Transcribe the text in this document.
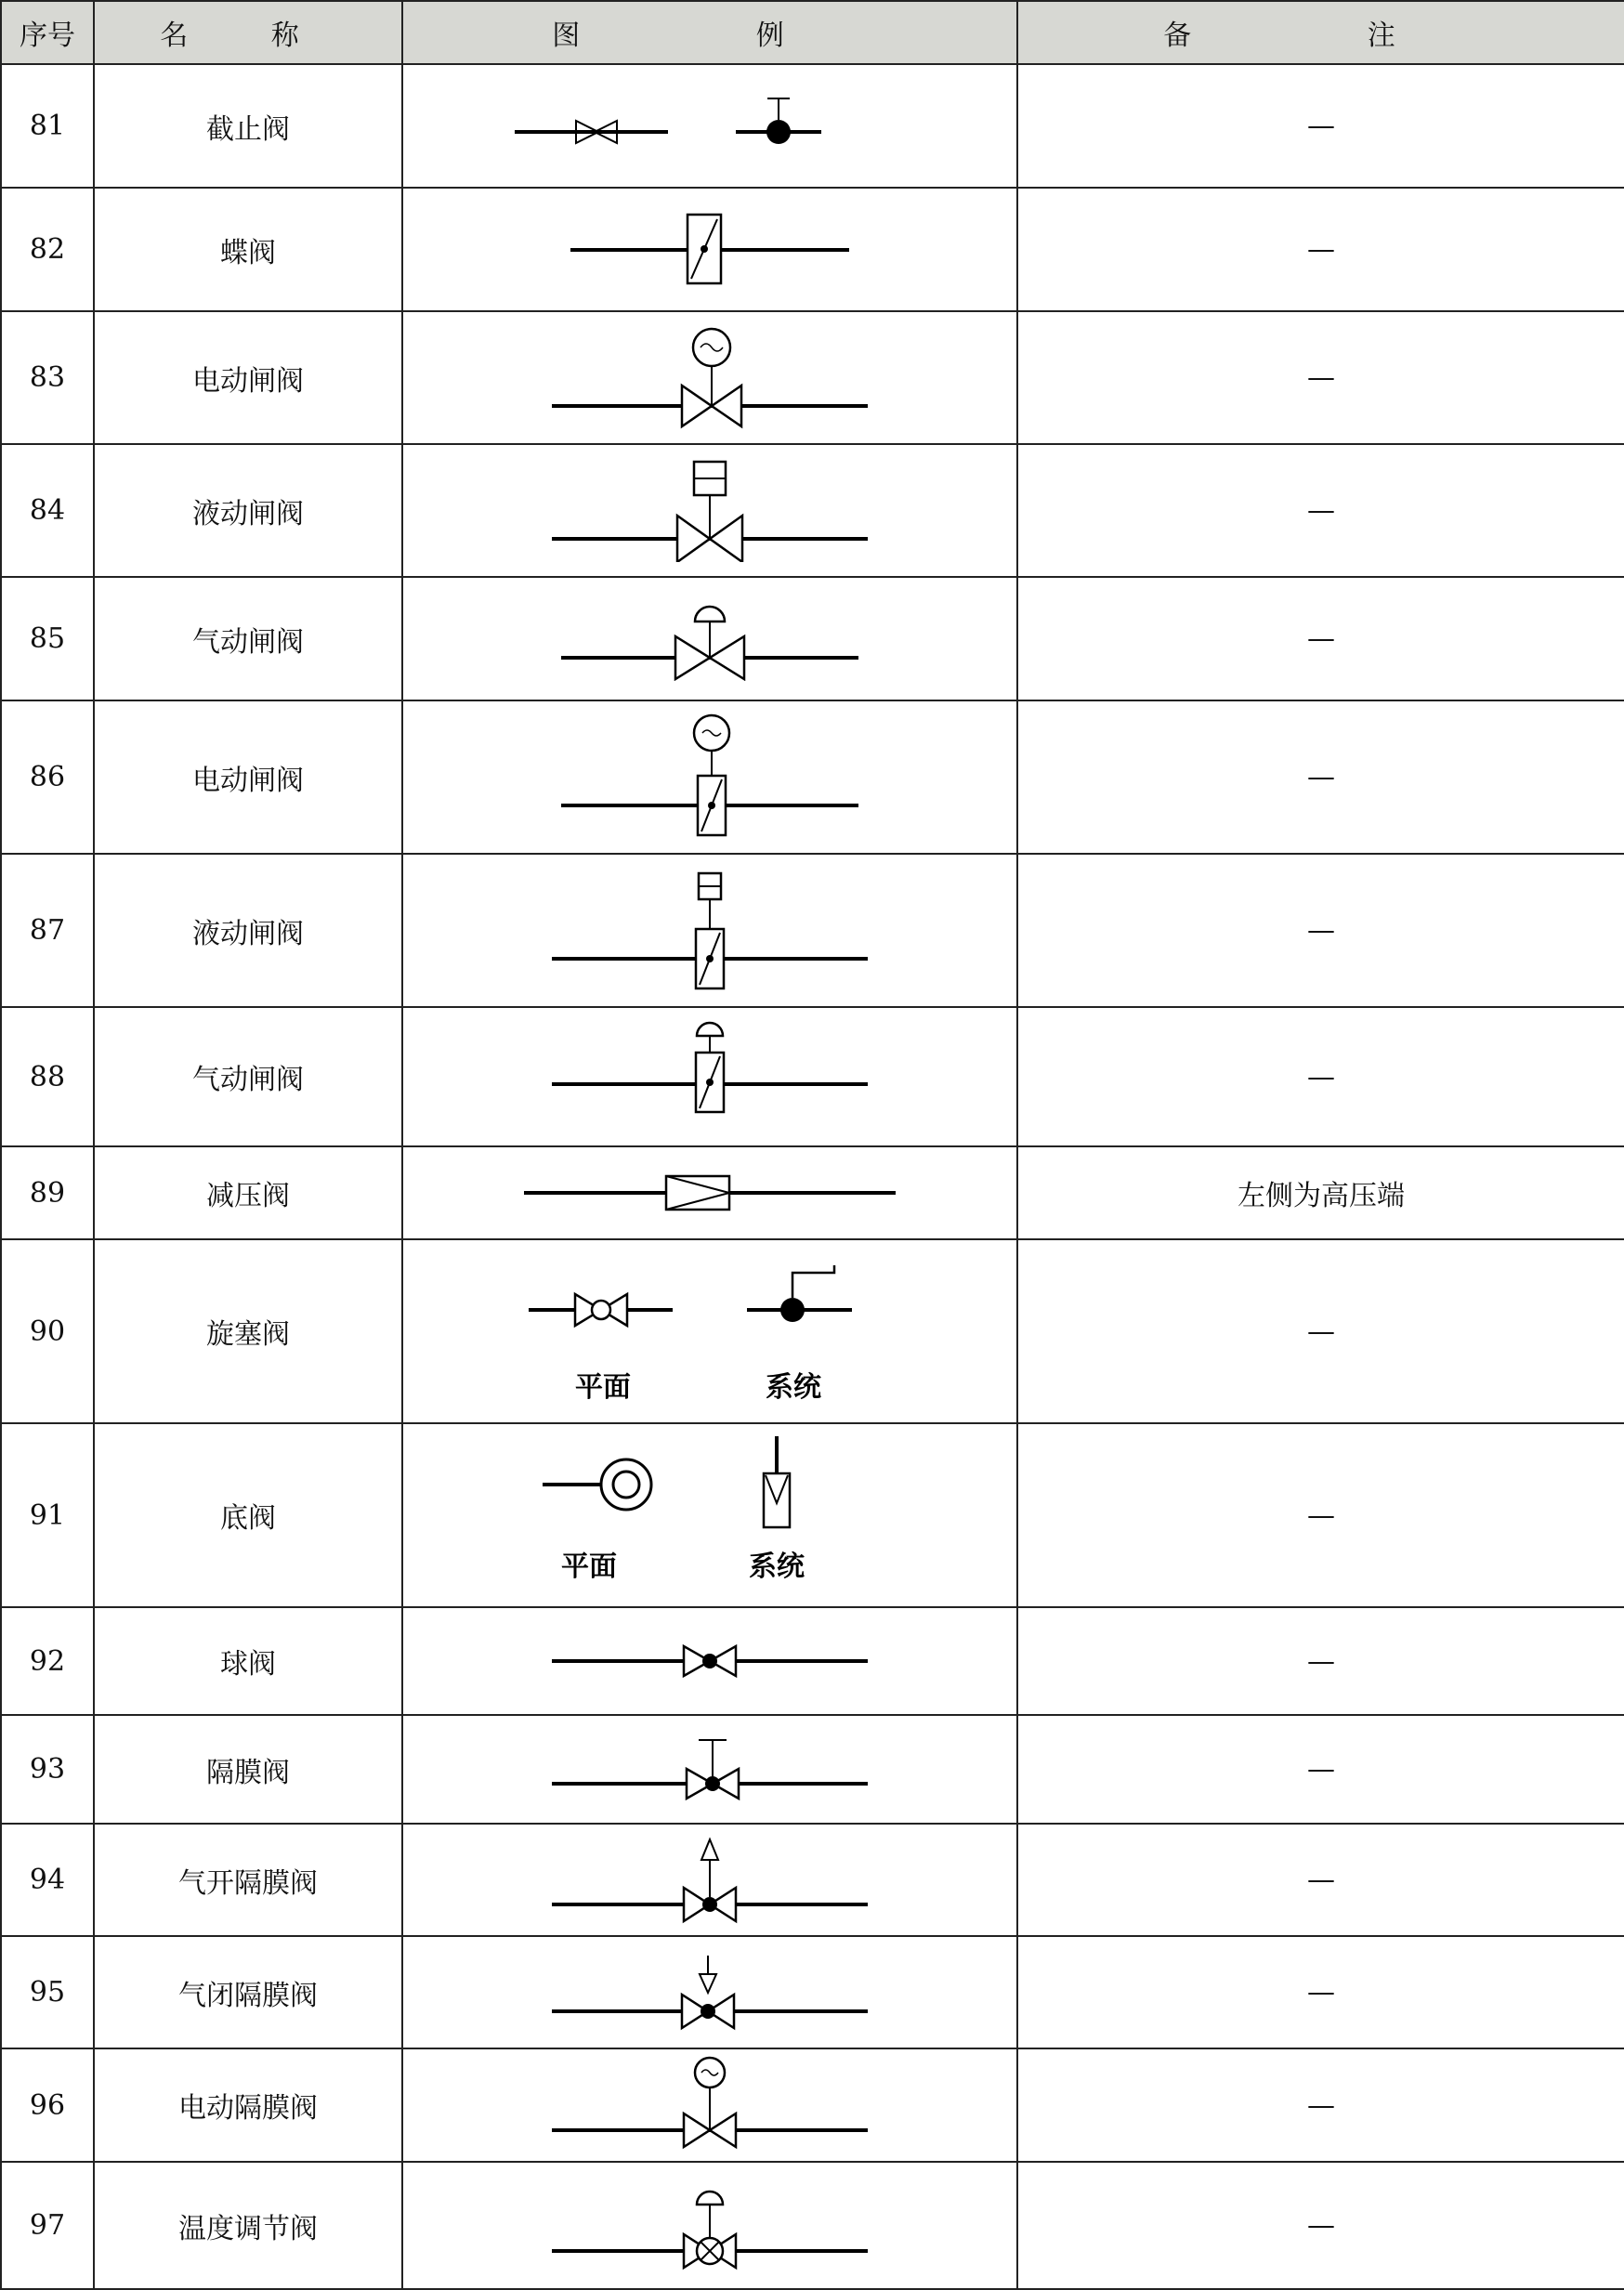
序号	名 称	图 例	备 注
81	截止阀		—
82	蝶阀		—
83	电动闸阀		—
84	液动闸阀		—
85	气动闸阀		—
86	电动闸阀		—
87	液动闸阀		—
88	气动闸阀		—
89	减压阀		左侧为高压端
90	旋塞阀	平面 系统	—
91	底阀	平面 系统	—
92	球阀		—
93	隔膜阀		—
94	气开隔膜阀		—
95	气闭隔膜阀		—
96	电动隔膜阀		—
97	温度调节阀		—
